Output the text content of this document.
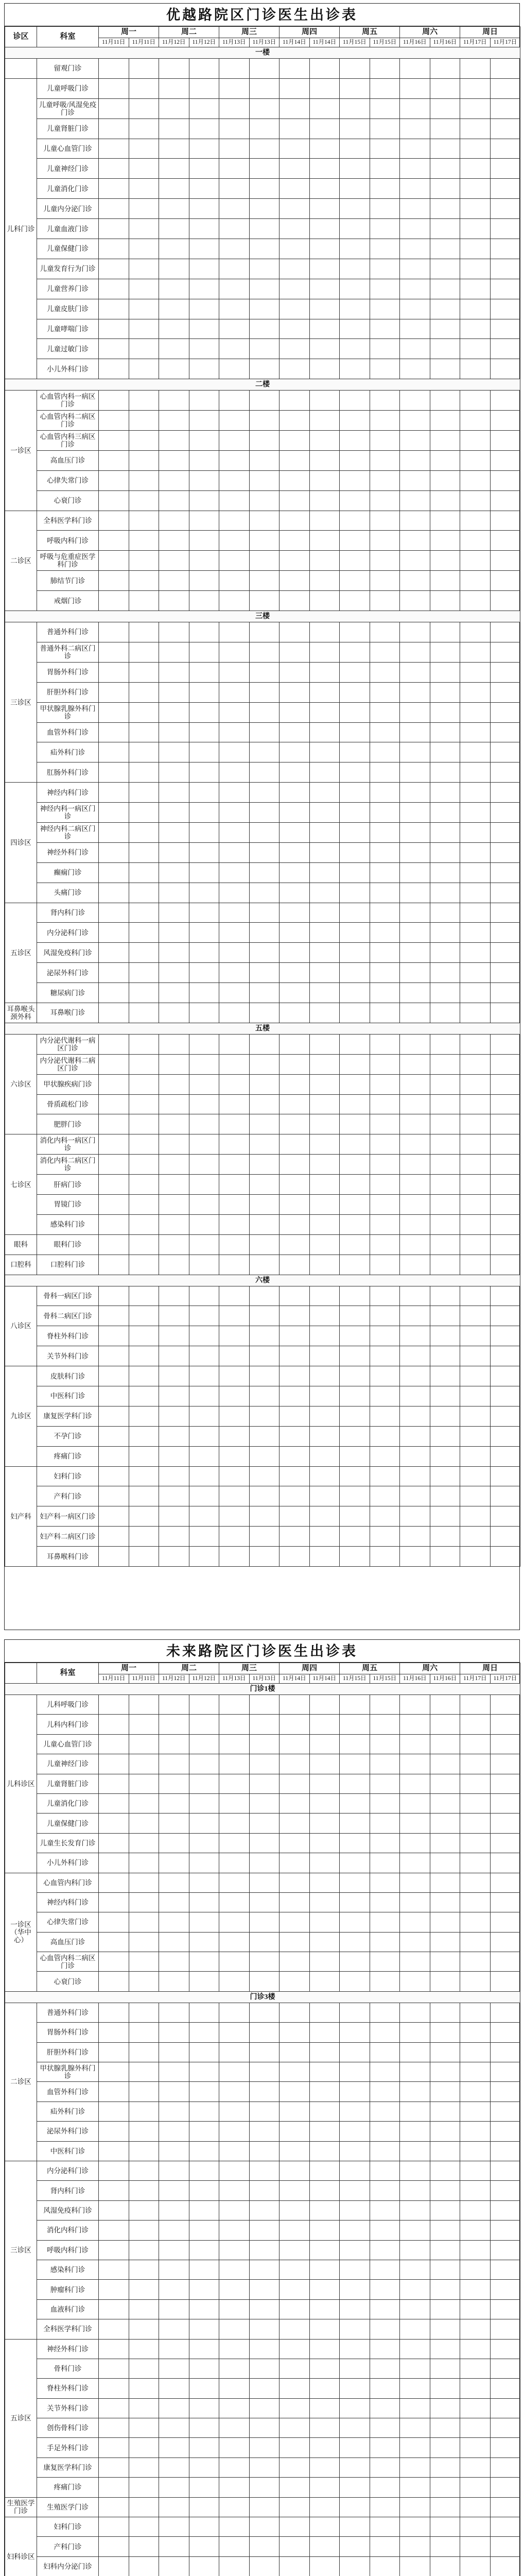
优越路院区门诊医生出诊表
诊区	科室	周一		周二		周三		周四		周五		周六		周日	
		11月11日	11月11日	11月12日	11月12日	11月13日	11月13日	11月14日	11月14日	11月15日	11月15日	11月16日	11月16日	11月17日	11月17日
一楼															
	留观门诊														
儿科门诊	儿童呼吸门诊														
	儿童呼吸/风湿免疫门诊														
	儿童肾脏门诊														
	儿童心血管门诊														
	儿童神经门诊														
	儿童消化门诊														
	儿童内分泌门诊														
	儿童血液门诊														
	儿童保健门诊														
	儿童发育行为门诊														
	儿童营养门诊														
	儿童皮肤门诊														
	儿童哮喘门诊														
	儿童过敏门诊														
	小儿外科门诊														
二楼															
一诊区	心血管内科一病区门诊														
	心血管内科二病区门诊														
	心血管内科三病区门诊														
	高血压门诊														
	心律失常门诊														
	心衰门诊														
二诊区	全科医学科门诊														
	呼吸内科门诊														
	呼吸与危重症医学科门诊														
	肺结节门诊														
	戒烟门诊														
三楼															
三诊区	普通外科门诊														
	普通外科二病区门诊														
	胃肠外科门诊														
	肝胆外科门诊														
	甲状腺乳腺外科门诊														
	血管外科门诊														
	疝外科门诊														
	肛肠外科门诊														
四诊区	神经内科门诊														
	神经内科一病区门诊														
	神经内科二病区门诊														
	神经外科门诊														
	癫痫门诊														
	头痛门诊														
五诊区	肾内科门诊														
	内分泌科门诊														
	风湿免疫科门诊														
	泌尿外科门诊														
	糖尿病门诊														
耳鼻喉头颈外科	耳鼻喉门诊														
五楼															
六诊区	内分泌代谢科一病区门诊														
	内分泌代谢科二病区门诊														
	甲状腺疾病门诊														
	骨质疏松门诊														
	肥胖门诊														
七诊区	消化内科一病区门诊														
	消化内科二病区门诊														
	肝病门诊														
	胃镜门诊														
	感染科门诊														
眼科	眼科门诊														
口腔科	口腔科门诊														
六楼															
八诊区	骨科一病区门诊														
	骨科二病区门诊														
	脊柱外科门诊														
	关节外科门诊														
九诊区	皮肤科门诊														
	中医科门诊														
	康复医学科门诊														
	不孕门诊														
	疼痛门诊														
妇产科	妇科门诊														
	产科门诊														
	妇产科一病区门诊														
	妇产科二病区门诊														
	耳鼻喉科门诊														
未来路院区门诊医生出诊表
	科室	周一		周二		周三		周四		周五		周六		周日	
		11月11日	11月11日	11月12日	11月12日	11月13日	11月13日	11月14日	11月14日	11月15日	11月15日	11月16日	11月16日	11月17日	11月17日
门诊1楼															
儿科诊区	儿科呼吸门诊														
	儿科内科门诊														
	儿童心血管门诊														
	儿童神经门诊														
	儿童肾脏门诊														
	儿童消化门诊														
	儿童保健门诊														
	儿童生长发育门诊														
	小儿外科门诊														
一诊区（华中心）	心血管内科门诊														
	神经内科门诊														
	心律失常门诊														
	高血压门诊														
	心血管内科二病区门诊														
	心衰门诊														
门诊3楼															
二诊区	普通外科门诊														
	胃肠外科门诊														
	肝胆外科门诊														
	甲状腺乳腺外科门诊														
	血管外科门诊														
	疝外科门诊														
	泌尿外科门诊														
	中医科门诊														
三诊区	内分泌科门诊														
	肾内科门诊														
	风湿免疫科门诊														
	消化内科门诊														
	呼吸内科门诊														
	感染科门诊														
	肿瘤科门诊														
	血液科门诊														
	全科医学科门诊														
五诊区	神经外科门诊														
	骨科门诊														
	脊柱外科门诊														
	关节外科门诊														
	创伤骨科门诊														
	手足外科门诊														
	康复医学科门诊														
	疼痛门诊														
生殖医学门诊	生殖医学门诊														
妇科诊区	妇科门诊														
	产科门诊														
	妇科内分泌门诊														
